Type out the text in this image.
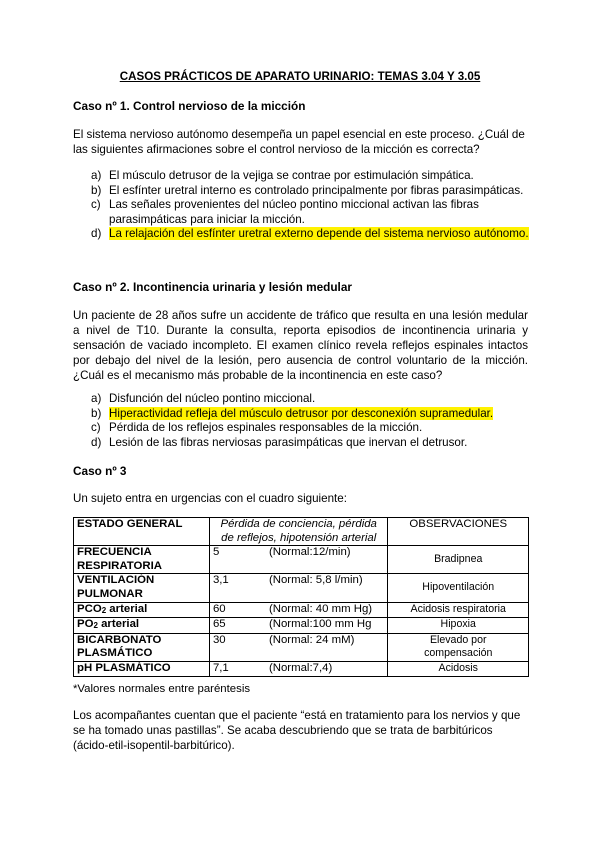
CASOS PRÁCTICOS DE APARATO URINARIO: TEMAS 3.04 Y 3.05
Caso nº 1. Control nervioso de la micción
El sistema nervioso autónomo desempeña un papel esencial en este proceso. ¿Cuál de las siguientes afirmaciones sobre el control nervioso de la micción es correcta?
a) El músculo detrusor de la vejiga se contrae por estimulación simpática.
b) El esfínter uretral interno es controlado principalmente por fibras parasimpáticas.
c) Las señales provenientes del núcleo pontino miccional activan las fibras parasimpáticas para iniciar la micción.
d) La relajación del esfínter uretral externo depende del sistema nervioso autónomo.
Caso nº 2. Incontinencia urinaria y lesión medular
Un paciente de 28 años sufre un accidente de tráfico que resulta en una lesión medular a nivel de T10. Durante la consulta, reporta episodios de incontinencia urinaria y sensación de vaciado incompleto. El examen clínico revela reflejos espinales intactos por debajo del nivel de la lesión, pero ausencia de control voluntario de la micción. ¿Cuál es el mecanismo más probable de la incontinencia en este caso?
a) Disfunción del núcleo pontino miccional.
b) Hiperactividad refleja del músculo detrusor por desconexión supramedular.
c) Pérdida de los reflejos espinales responsables de la micción.
d) Lesión de las fibras nerviosas parasimpáticas que inervan el detrusor.
Caso nº 3
Un sujeto entra en urgencias con el cuadro siguiente:
ESTADO GENERAL	Pérdida de conciencia, pérdida de reflejos, hipotensión arterial	OBSERVACIONES
FRECUENCIA RESPIRATORIA	5 (Normal:12/min)	Bradipnea
VENTILACIÓN PULMONAR	3,1 (Normal: 5,8 l/min)	Hipoventilación
$PCO_2$ arterial	60 (Normal: 40 mm Hg)	Acidosis respiratoria
$PO_2$ arterial	65 (Normal:100 mm Hg	Hipoxia
BICARBONATO PLASMÁTICO	30 (Normal: 24 mM)	Elevado por compensación
pH PLASMÁTICO	7,1 (Normal:7,4)	Acidosis
*Valores normales entre paréntesis
Los acompañantes cuentan que el paciente “está en tratamiento para los nervios y que se ha tomado unas pastillas”. Se acaba descubriendo que se trata de barbitúricos (ácido-etil-isopentil-barbitúrico).
